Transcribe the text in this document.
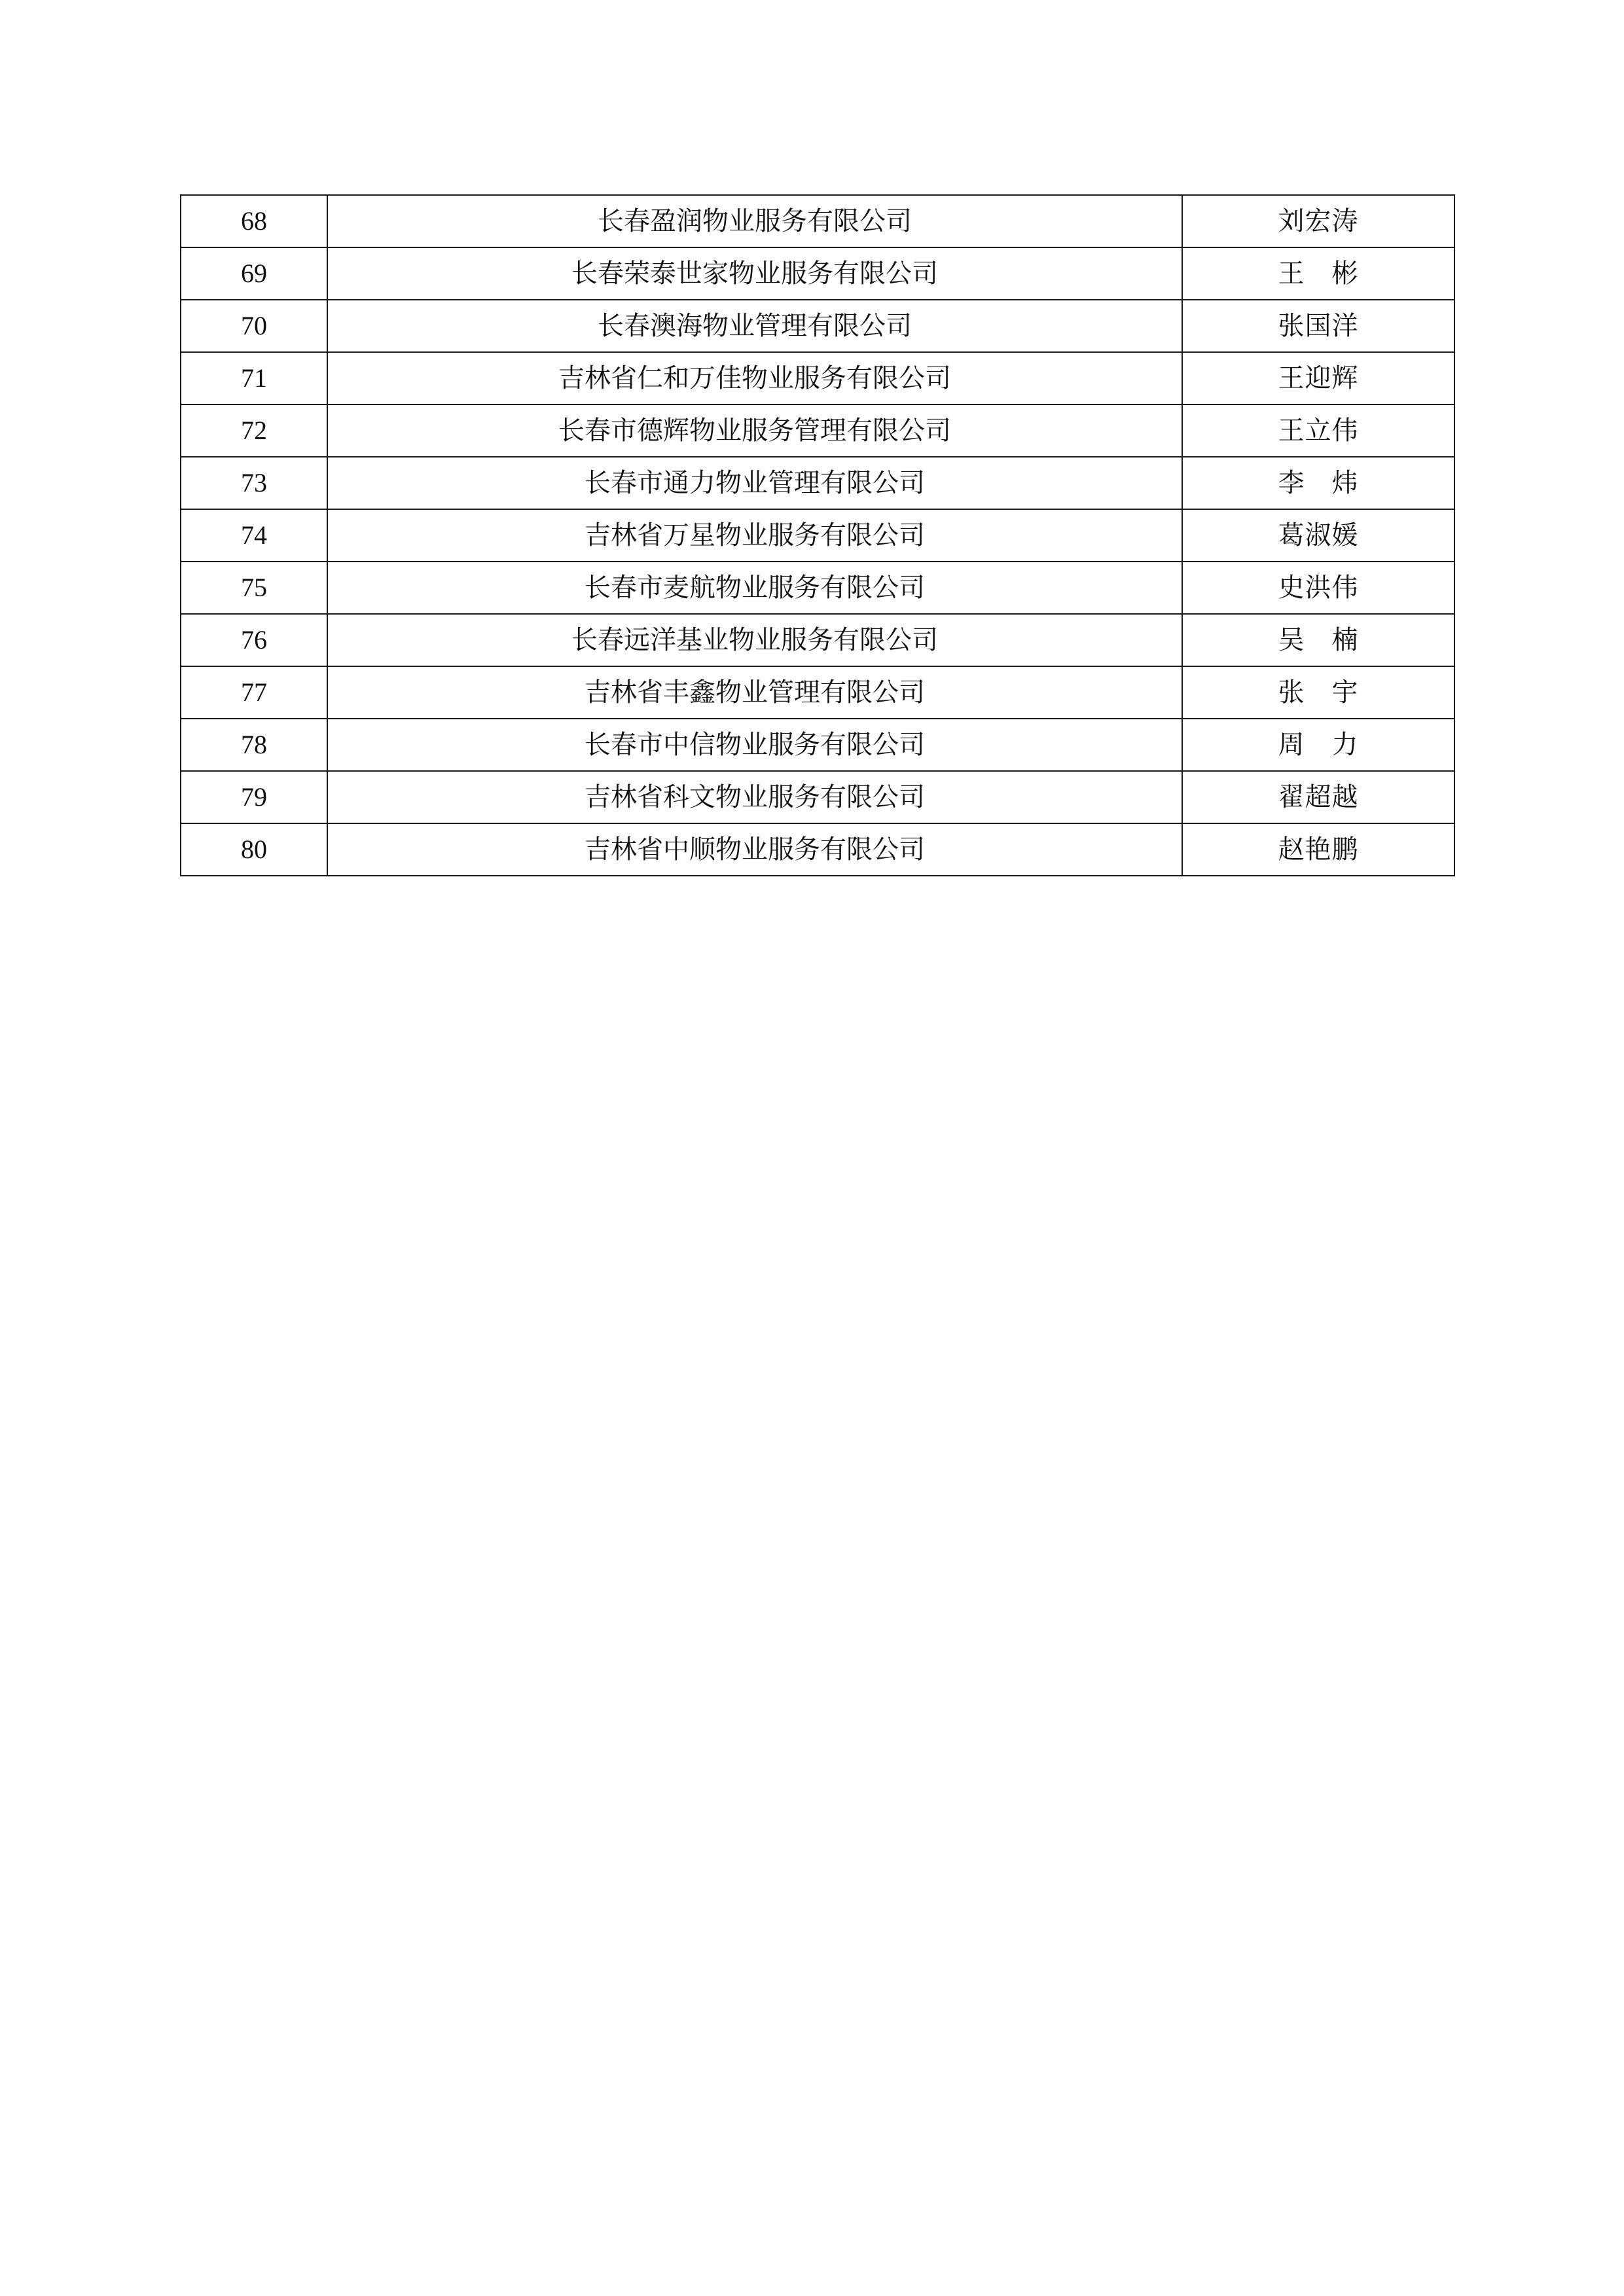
68	长春盈润物业服务有限公司	刘宏涛
69	长春荣泰世家物业服务有限公司	王　彬
70	长春澳海物业管理有限公司	张国洋
71	吉林省仁和万佳物业服务有限公司	王迎辉
72	长春市德辉物业服务管理有限公司	王立伟
73	长春市通力物业管理有限公司	李　炜
74	吉林省万星物业服务有限公司	葛淑媛
75	长春市麦航物业服务有限公司	史洪伟
76	长春远洋基业物业服务有限公司	吴　楠
77	吉林省丰鑫物业管理有限公司	张　宇
78	长春市中信物业服务有限公司	周　力
79	吉林省科文物业服务有限公司	翟超越
80	吉林省中顺物业服务有限公司	赵艳鹏
